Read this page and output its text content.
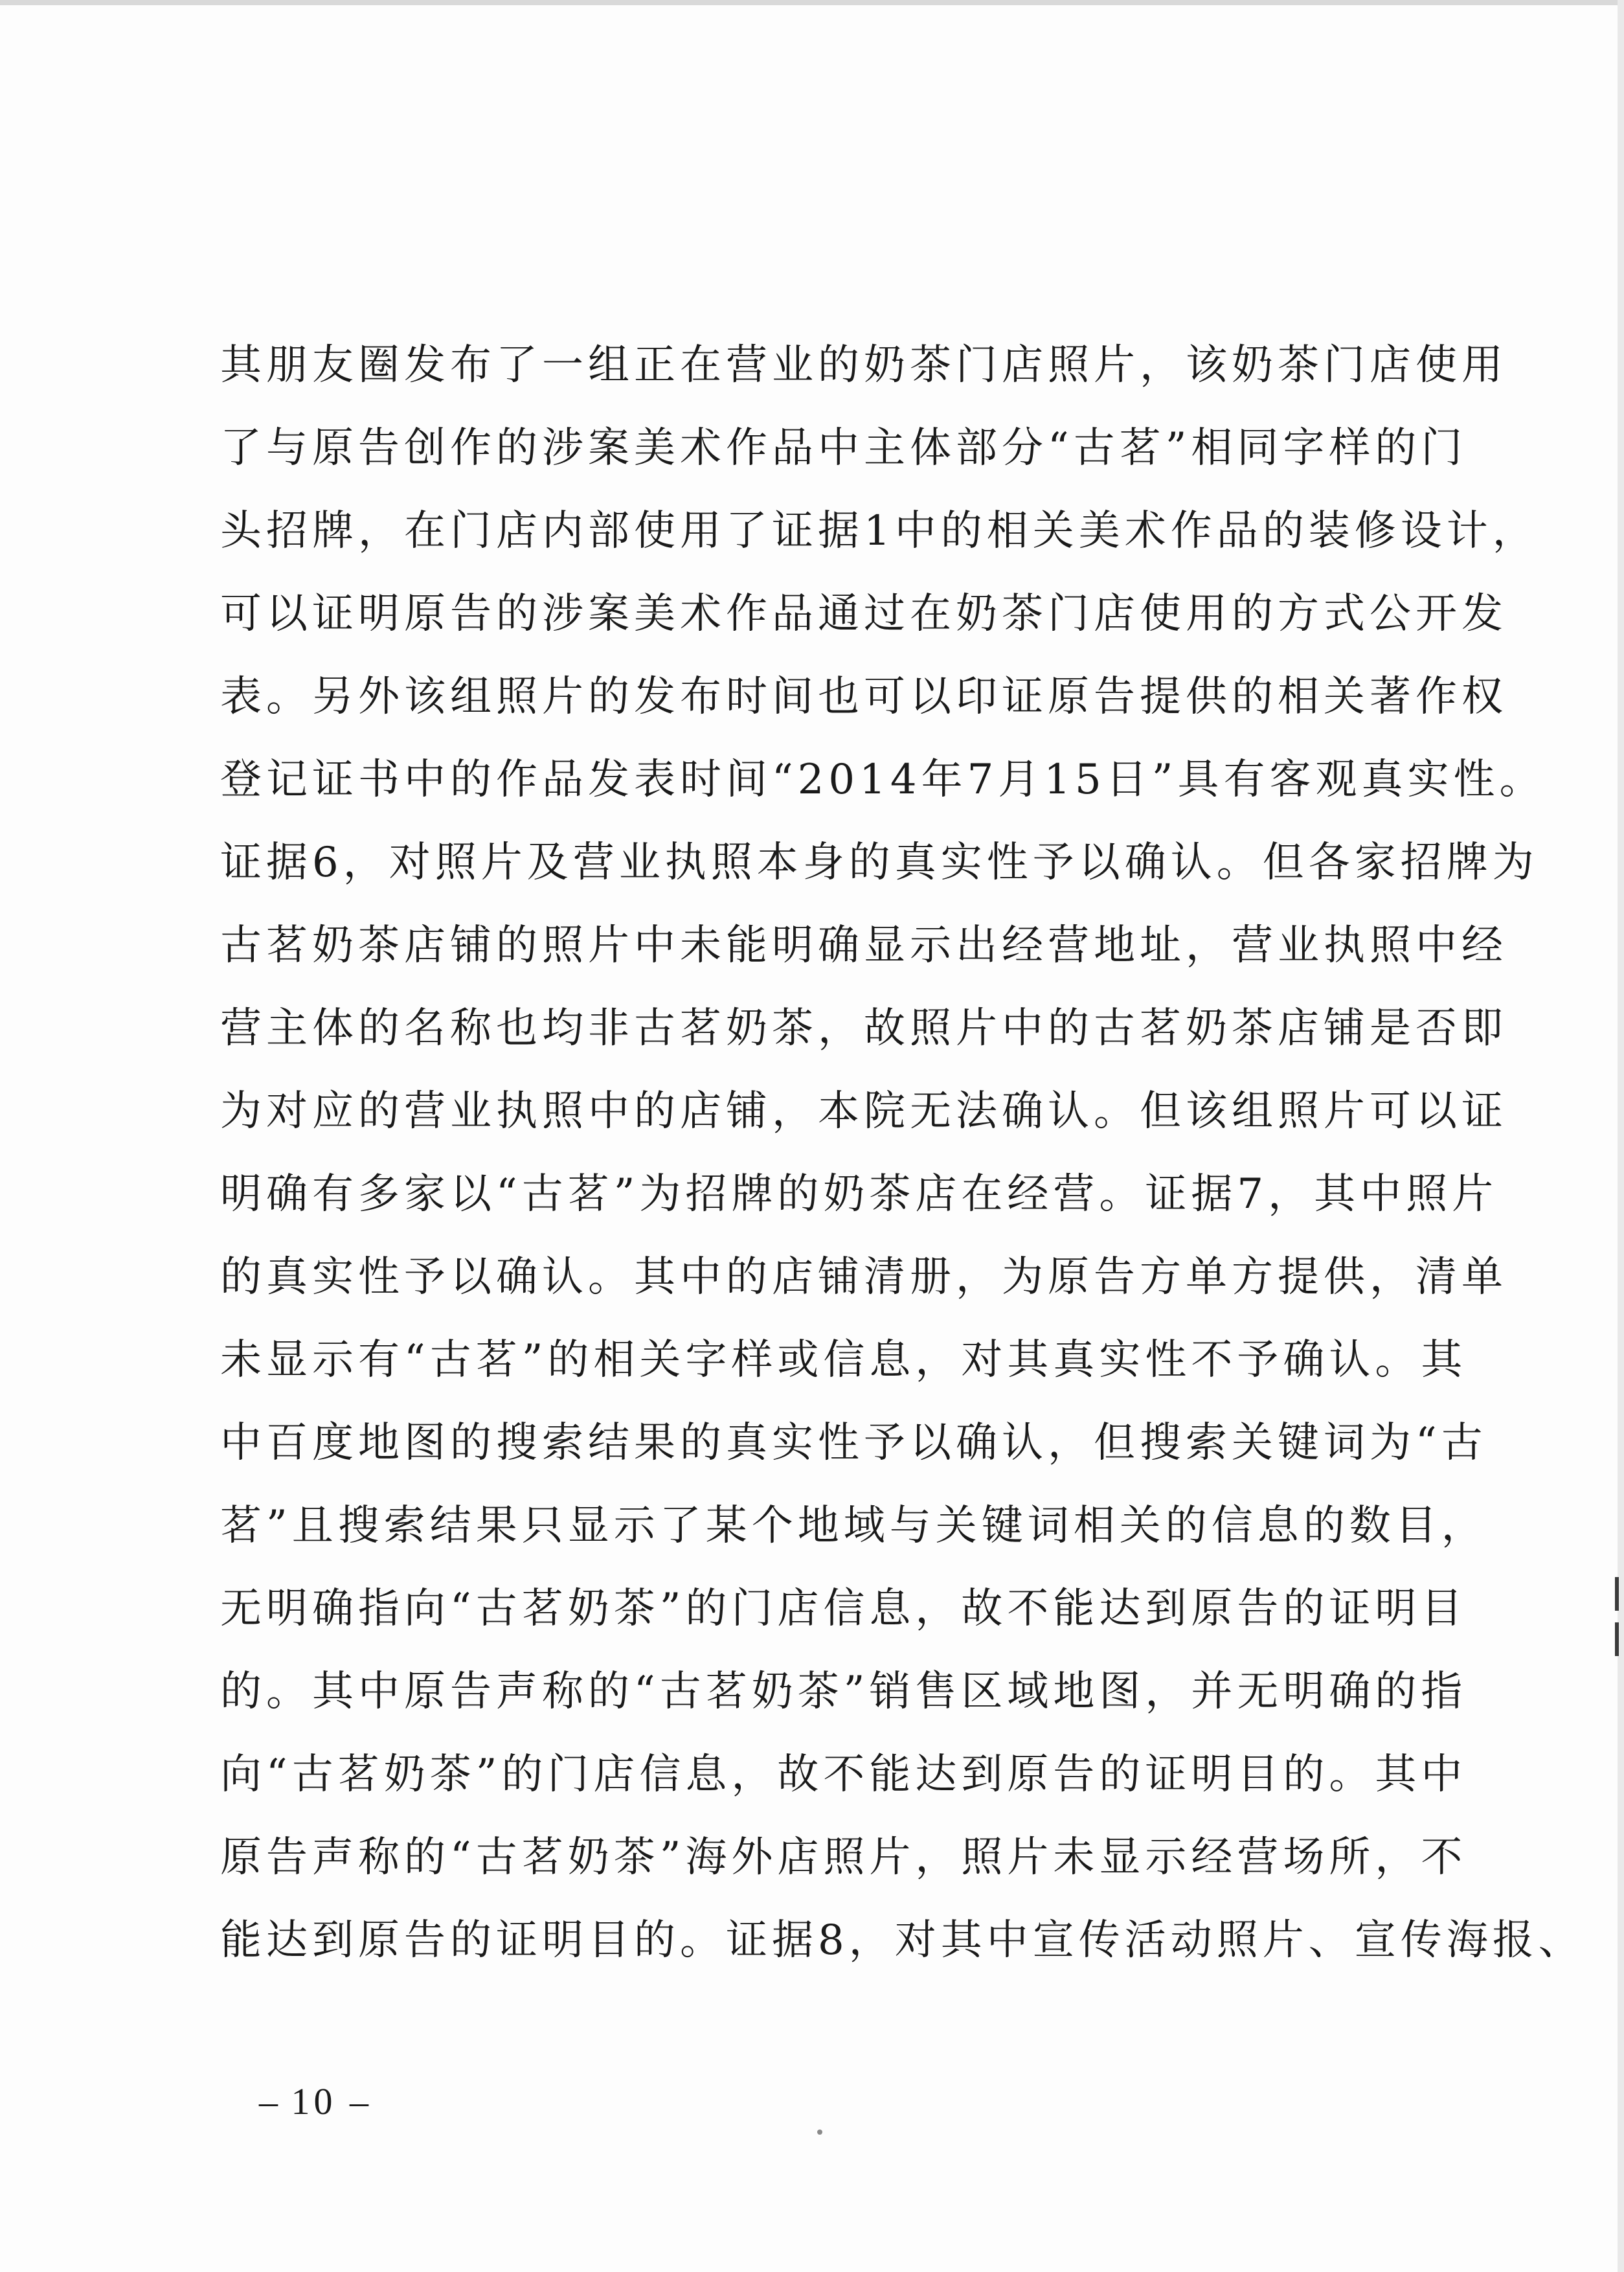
其朋友圈发布了一组正在营业的奶茶门店照片，该奶茶门店使用
了与原告创作的涉案美术作品中主体部分“古茗”相同字样的门
头招牌，在门店内部使用了证据1中的相关美术作品的装修设计，
可以证明原告的涉案美术作品通过在奶茶门店使用的方式公开发
表。另外该组照片的发布时间也可以印证原告提供的相关著作权
登记证书中的作品发表时间“2014年7月15日”具有客观真实性。
证据6，对照片及营业执照本身的真实性予以确认。但各家招牌为
古茗奶茶店铺的照片中未能明确显示出经营地址，营业执照中经
营主体的名称也均非古茗奶茶，故照片中的古茗奶茶店铺是否即
为对应的营业执照中的店铺，本院无法确认。但该组照片可以证
明确有多家以“古茗”为招牌的奶茶店在经营。证据7，其中照片
的真实性予以确认。其中的店铺清册，为原告方单方提供，清单
未显示有“古茗”的相关字样或信息，对其真实性不予确认。其
中百度地图的搜索结果的真实性予以确认，但搜索关键词为“古
茗”且搜索结果只显示了某个地域与关键词相关的信息的数目，
无明确指向“古茗奶茶”的门店信息，故不能达到原告的证明目
的。其中原告声称的“古茗奶茶”销售区域地图，并无明确的指
向“古茗奶茶”的门店信息，故不能达到原告的证明目的。其中
原告声称的“古茗奶茶”海外店照片，照片未显示经营场所，不
能达到原告的证明目的。证据8，对其中宣传活动照片、宣传海报、
– 10 –
